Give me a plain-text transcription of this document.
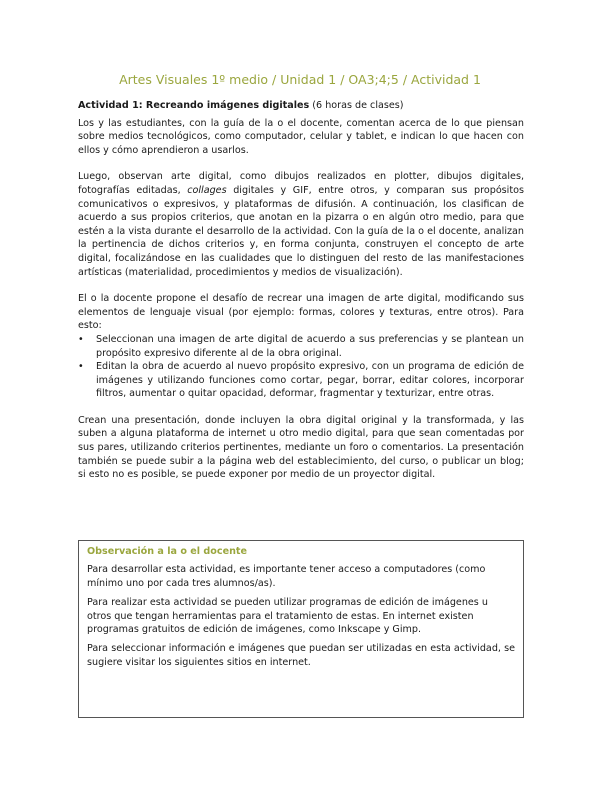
Artes Visuales 1º medio / Unidad 1 / OA3;4;5 / Actividad 1
Actividad 1: Recreando imágenes digitales (6 horas de clases)

Los y las estudiantes, con la guía de la o el docente, comentan acerca de lo que piensan sobre medios tecnológicos, como computador, celular y tablet, e indican lo que hacen con ellos y cómo aprendieron a usarlos.

Luego, observan arte digital, como dibujos realizados en plotter, dibujos digitales, fotografías editadas, collages digitales y GIF, entre otros, y comparan sus propósitos comunicativos o expresivos, y plataformas de difusión. A continuación, los clasifican de acuerdo a sus propios criterios, que anotan en la pizarra o en algún otro medio, para que estén a la vista durante el desarrollo de la actividad. Con la guía de la o el docente, analizan la pertinencia de dichos criterios y, en forma conjunta, construyen el concepto de arte digital, focalizándose en las cualidades que lo distinguen del resto de las manifestaciones artísticas (materialidad, procedimientos y medios de visualización).

El o la docente propone el desafío de recrear una imagen de arte digital, modificando sus elementos de lenguaje visual (por ejemplo: formas, colores y texturas, entre otros). Para esto:

• Seleccionan una imagen de arte digital de acuerdo a sus preferencias y se plantean un propósito expresivo diferente al de la obra original.
• Editan la obra de acuerdo al nuevo propósito expresivo, con un programa de edición de imágenes y utilizando funciones como cortar, pegar, borrar, editar colores, incorporar filtros, aumentar o quitar opacidad, deformar, fragmentar y texturizar, entre otras.

Crean una presentación, donde incluyen la obra digital original y la transformada, y las suben a alguna plataforma de internet u otro medio digital, para que sean comentadas por sus pares, utilizando criterios pertinentes, mediante un foro o comentarios. La presentación también se puede subir a la página web del establecimiento, del curso, o publicar un blog; si esto no es posible, se puede exponer por medio de un proyector digital.

Observación a la o el docente

Para desarrollar esta actividad, es importante tener acceso a computadores (como mínimo uno por cada tres alumnos/as).

Para realizar esta actividad se pueden utilizar programas de edición de imágenes u otros que tengan herramientas para el tratamiento de estas. En internet existen programas gratuitos de edición de imágenes, como Inkscape y Gimp.

Para seleccionar información e imágenes que puedan ser utilizadas en esta actividad, se sugiere visitar los siguientes sitios en internet.
